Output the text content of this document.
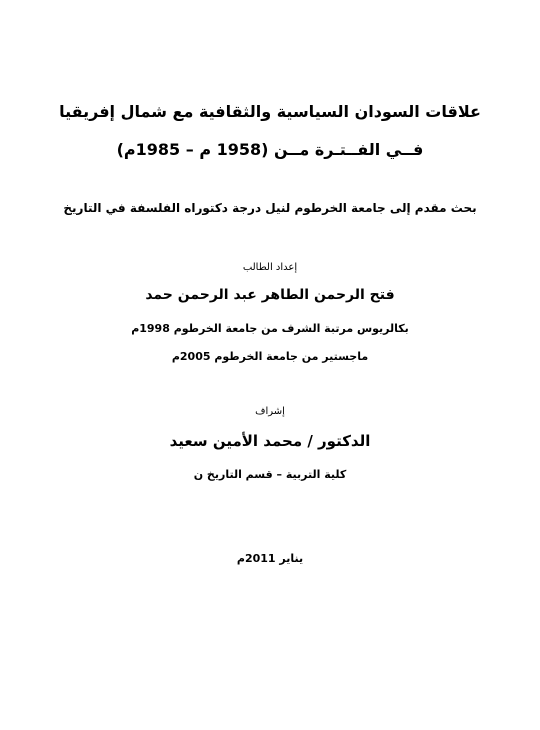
علاقات السودان السياسية والثقافية مع شمال إفريقيا
فــي الفــتـرة مــن (1958 م – 1985م)
بحث مقدم إلى جامعة الخرطوم لنيل درجة دكتوراه الفلسفة في التاريخ
إعداد الطالب
فتح الرحمن الطاهر عبد الرحمن حمد
بكالريوس مرتبة الشرف من جامعة الخرطوم 1998م
ماجستير من جامعة الخرطوم 2005م
إشراف
الدكتور / محمد الأمين سعيد
كلية التربية – قسم التاريخ ن
يناير 2011م
